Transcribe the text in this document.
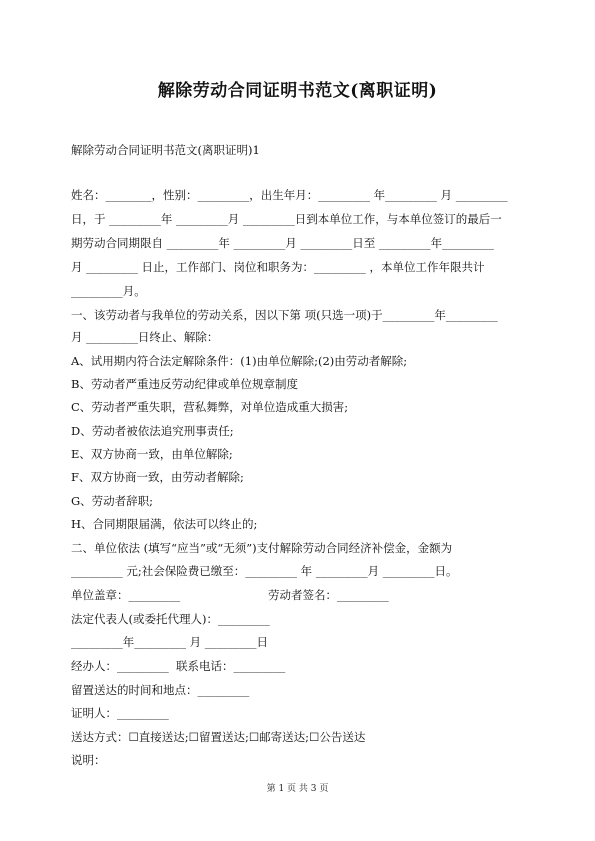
解除劳动合同证明书范文(离职证明)
解除劳动合同证明书范文(离职证明)1
姓名：________，性别：_________，出生年月：_________ 年_________ 月 _________
日，于 _________年 _________月 _________日到本单位工作，与本单位签订的最后一
期劳动合同期限自 _________年 _________月 _________日至 _________年_________
月 _________ 日止，工作部门、岗位和职务为：_________ ，本单位工作年限共计
_________月。
一、该劳动者与我单位的劳动关系，因以下第 项(只选一项)于_________年_________
月 _________日终止、解除：
A、试用期内符合法定解除条件：(1)由单位解除;(2)由劳动者解除;
B、劳动者严重违反劳动纪律或单位规章制度
C、劳动者严重失职，营私舞弊，对单位造成重大损害;
D、劳动者被依法追究刑事责任;
E、双方协商一致，由单位解除;
F、双方协商一致，由劳动者解除;
G、劳动者辞职;
H、合同期限届满，依法可以终止的;
二、单位依法 (填写“应当”或“无须”)支付解除劳动合同经济补偿金，金额为
_________ 元;社会保险费已缴至：_________ 年 _________月 _________日。
单位盖章：_________                        劳动者签名：_________
法定代表人(或委托代理人)：_________
_________年_________ 月 _________日
经办人：_________  联系电话：_________
留置送达的时间和地点：_________
证明人：_________
送达方式：☐直接送达;☐留置送达;☐邮寄送达;☐公告送达
说明：
第 1 页 共 3 页
